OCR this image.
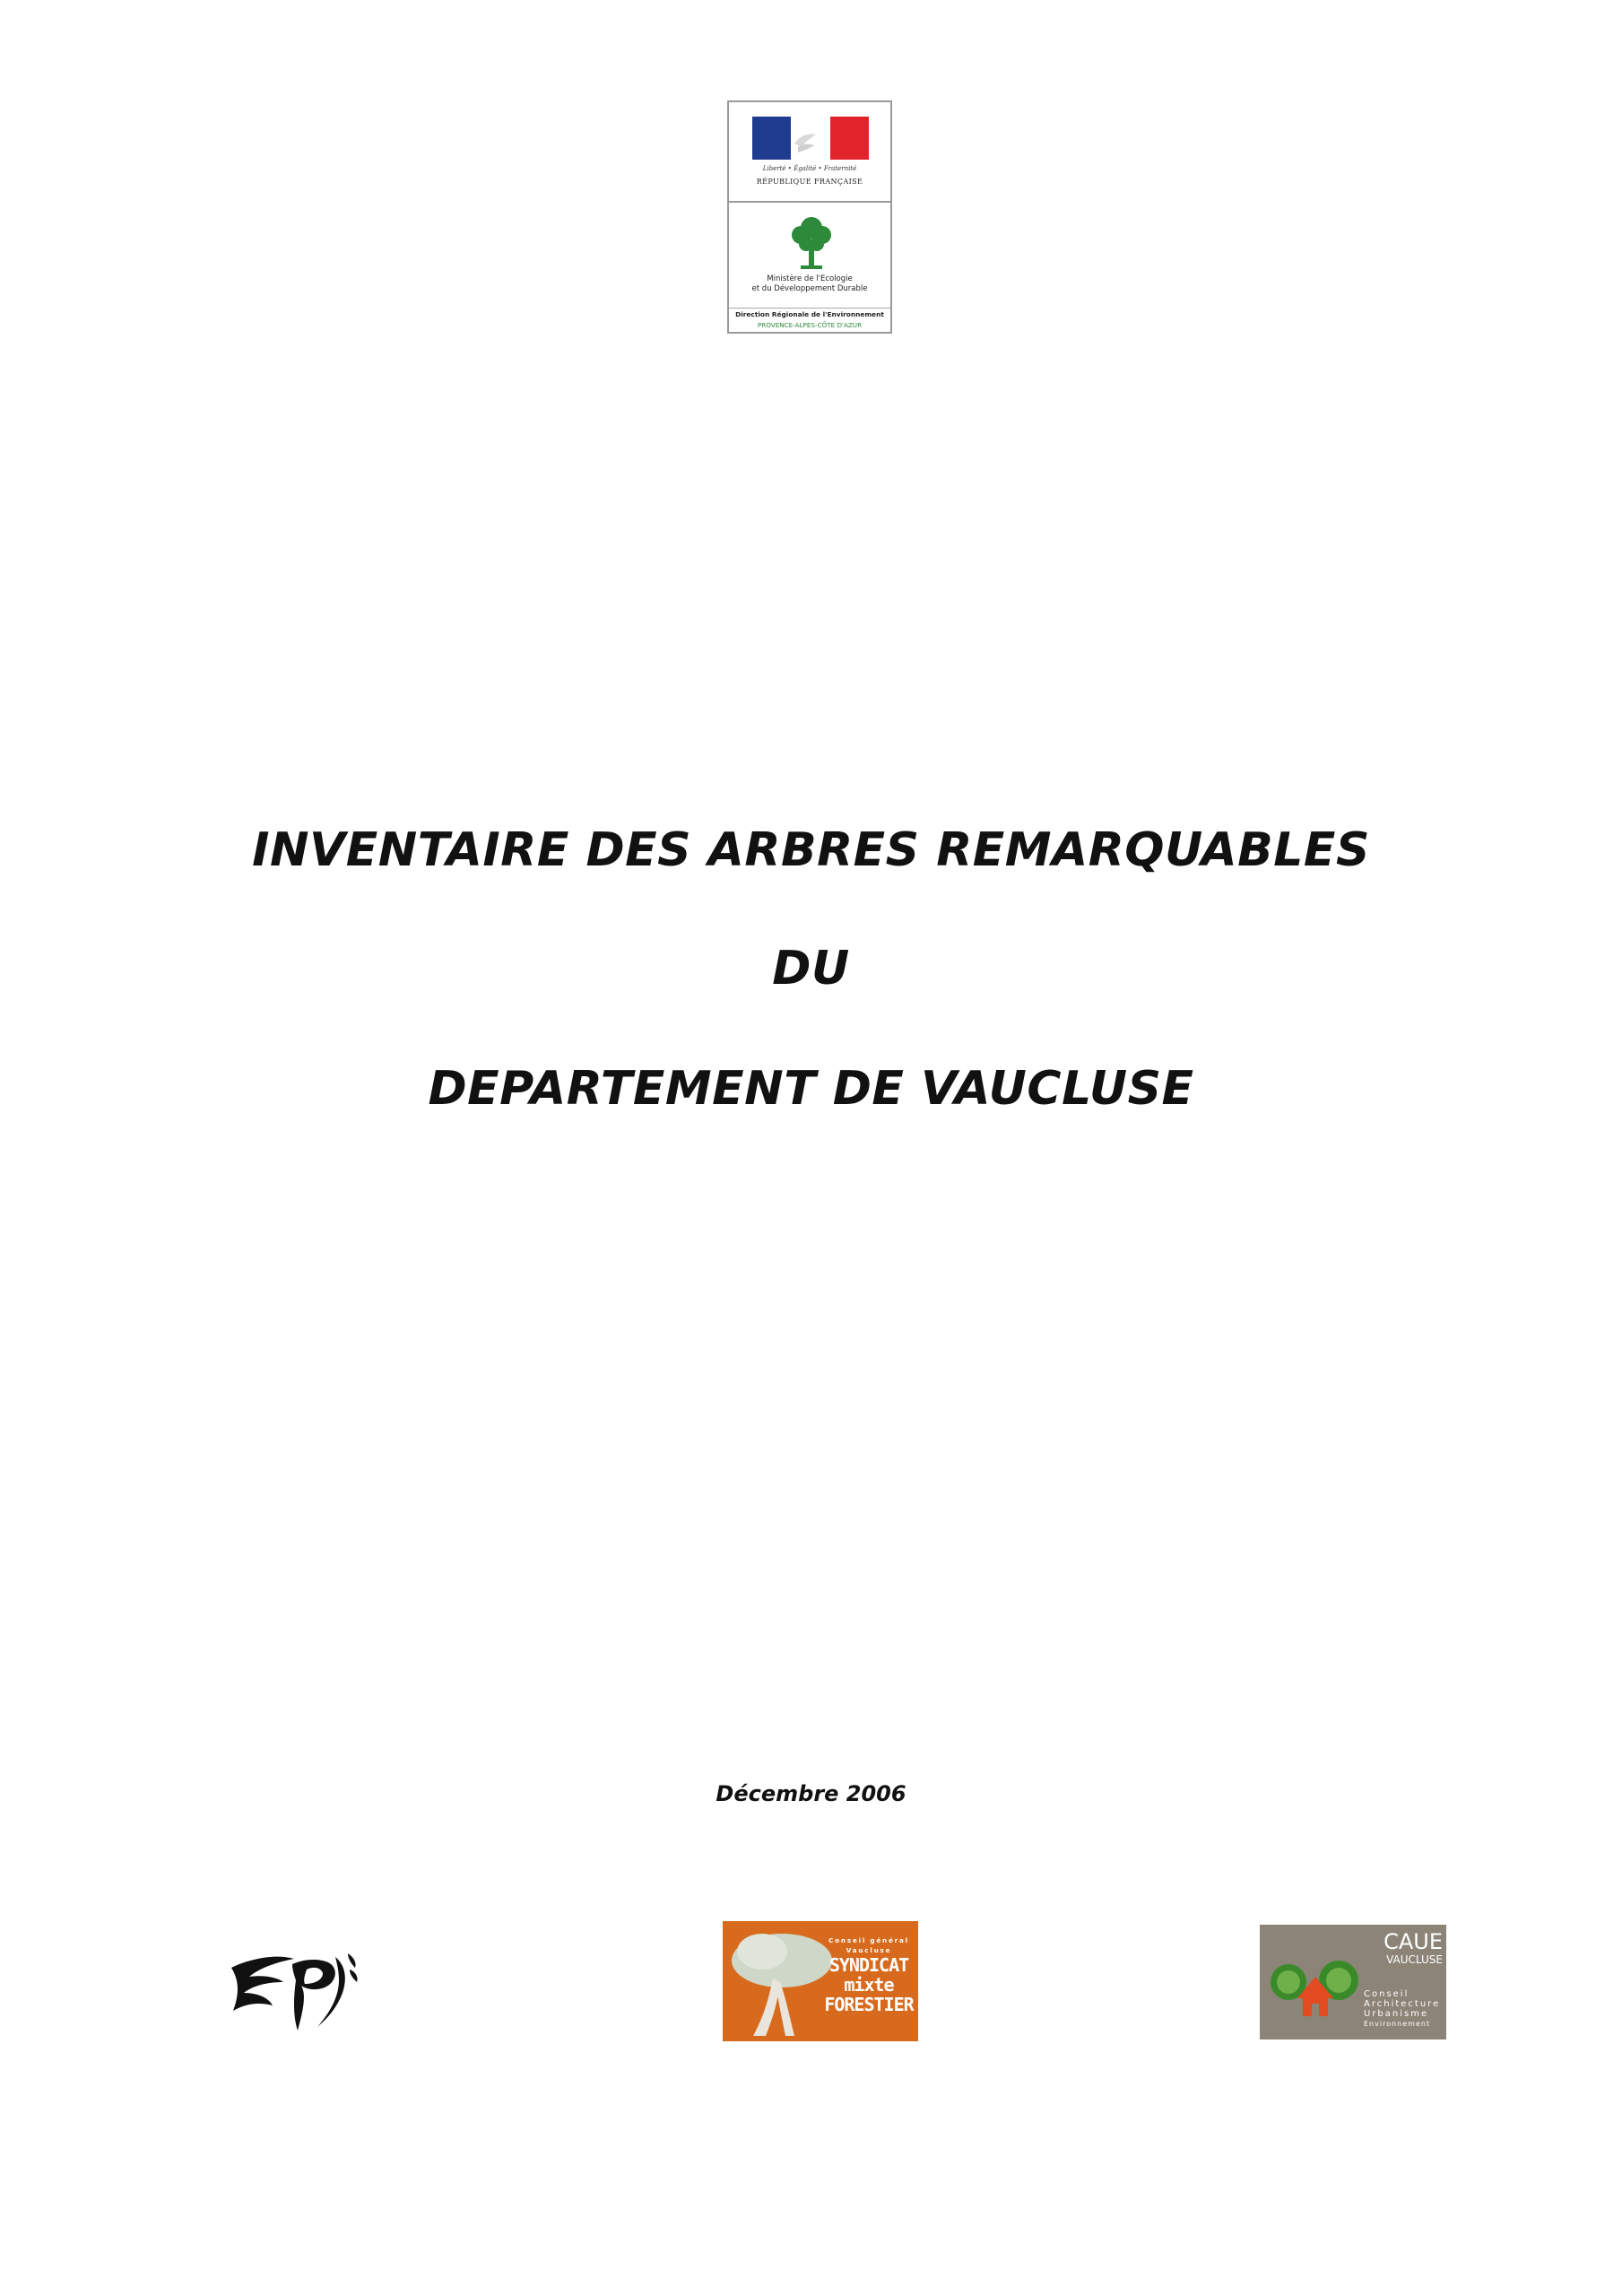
Liberté • Égalité • Fraternité
RÉPUBLIQUE FRANÇAISE
Ministère de l'Ecologie
et du Développement Durable
Direction Régionale de l'Environnement
PROVENCE-ALPES-CÔTE D'AZUR
INVENTAIRE DES ARBRES REMARQUABLES
DU
DEPARTEMENT DE VAUCLUSE
Décembre 2006
Conseil général
Vaucluse
SYNDICAT
mixte
FORESTIER
CAUE
VAUCLUSE
Conseil
Architecture
Urbanisme
Environnement
